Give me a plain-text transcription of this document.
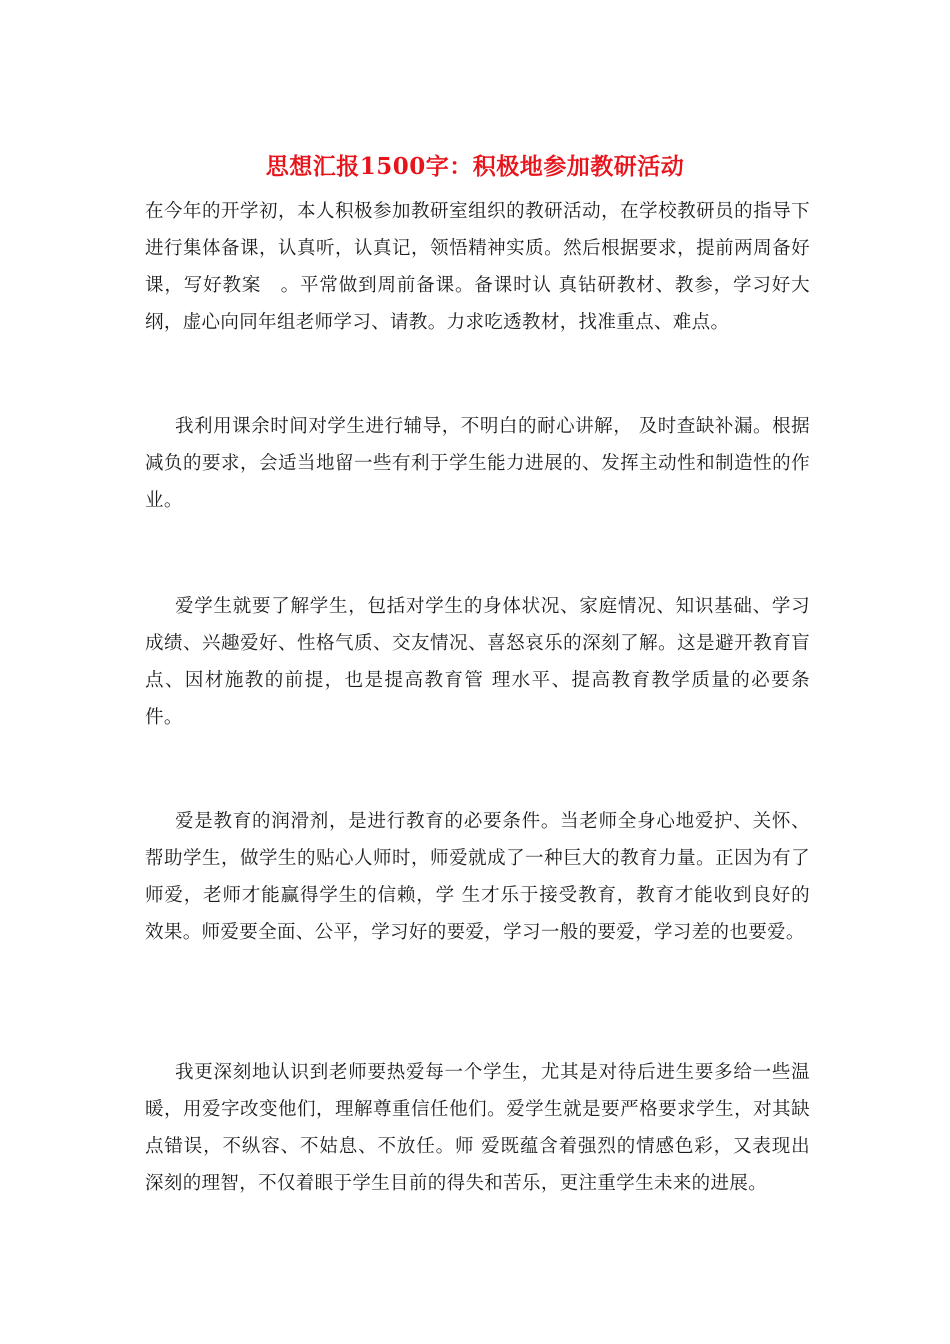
思想汇报1500字：积极地参加教研活动

在今年的开学初，本人积极参加教研室组织的教研活动，在学校教研员的指导下进行集体备课，认真听，认真记，领悟精神实质。然后根据要求，提前两周备好课，写好教案　。平常做到周前备课。备课时认 真钻研教材、教参，学习好大纲，虚心向同年组老师学习、请教。力求吃透教材，找准重点、难点。

我利用课余时间对学生进行辅导，不明白的耐心讲解， 及时查缺补漏。根据减负的要求，会适当地留一些有利于学生能力进展的、发挥主动性和制造性的作业。

爱学生就要了解学生，包括对学生的身体状况、家庭情况、知识基础、学习成绩、兴趣爱好、性格气质、交友情况、喜怒哀乐的深刻了解。这是避开教育盲点、因材施教的前提，也是提高教育管 理水平、提高教育教学质量的必要条件。

爱是教育的润滑剂，是进行教育的必要条件。当老师全身心地爱护、关怀、帮助学生，做学生的贴心人师时，师爱就成了一种巨大的教育力量。正因为有了师爱，老师才能赢得学生的信赖，学 生才乐于接受教育，教育才能收到良好的效果。师爱要全面、公平，学习好的要爱，学习一般的要爱，学习差的也要爱。

我更深刻地认识到老师要热爱每一个学生，尤其是对待后进生要多给一些温暖，用爱字改变他们，理解尊重信任他们。爱学生就是要严格要求学生，对其缺点错误，不纵容、不姑息、不放任。师 爱既蕴含着强烈的情感色彩，又表现出深刻的理智，不仅着眼于学生目前的得失和苦乐，更注重学生未来的进展。
